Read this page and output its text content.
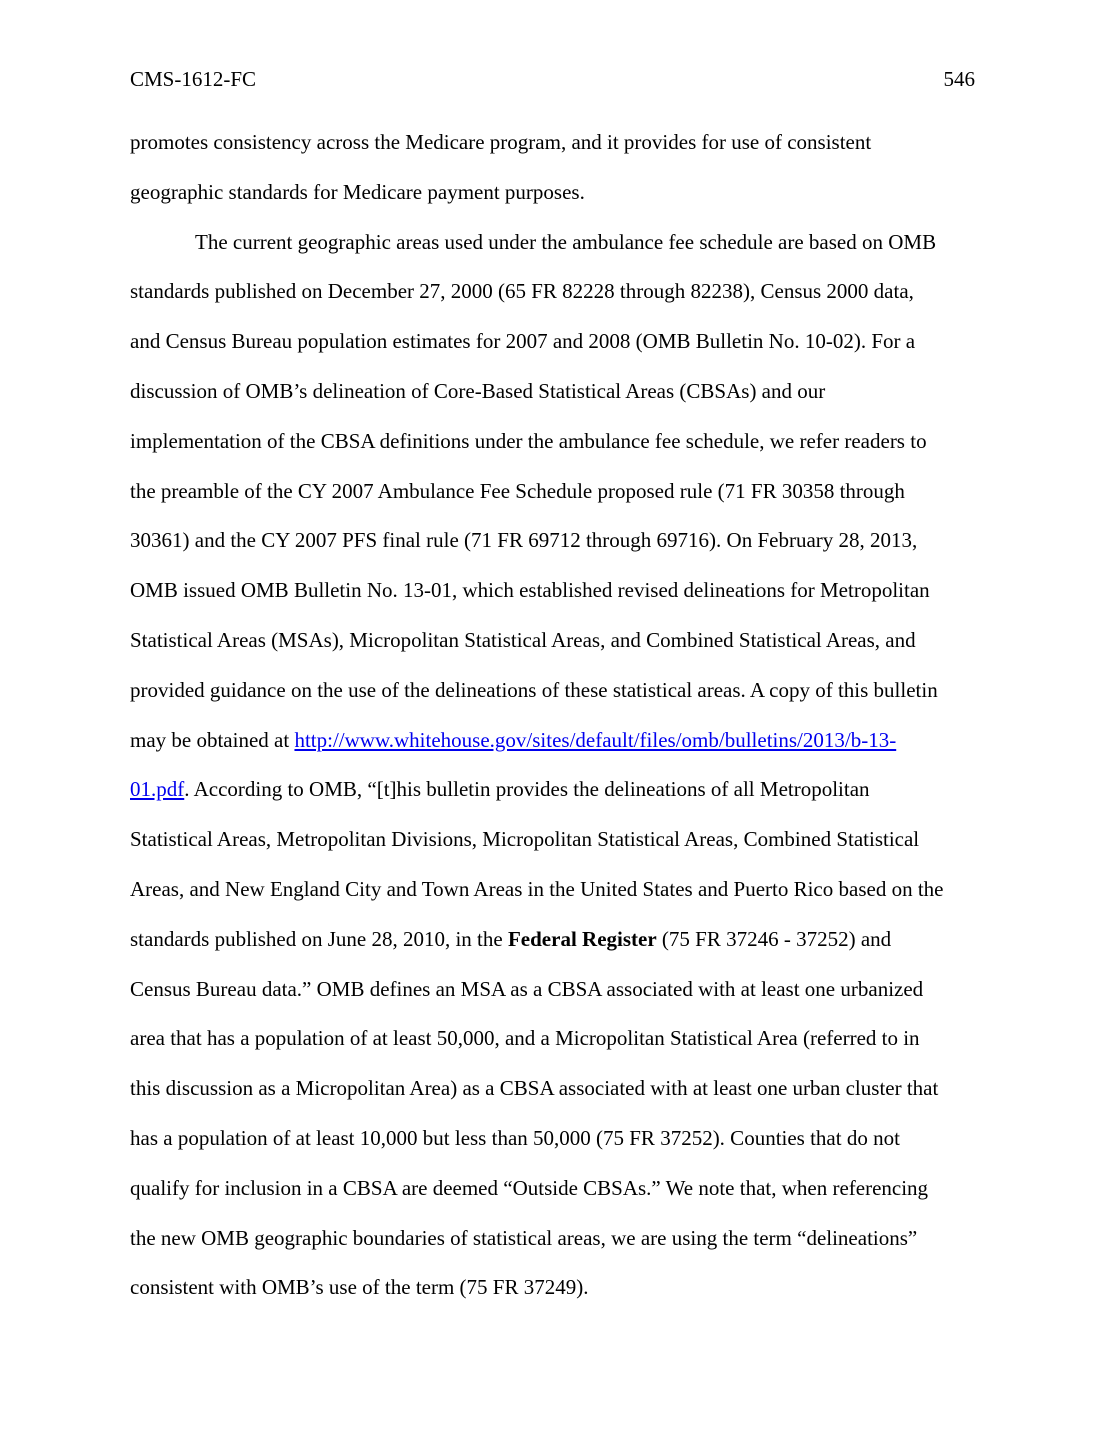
CMS-1612-FC	546
promotes consistency across the Medicare program, and it provides for use of consistent
geographic standards for Medicare payment purposes.
The current geographic areas used under the ambulance fee schedule are based on OMB
standards published on December 27, 2000 (65 FR 82228 through 82238), Census 2000 data,
and Census Bureau population estimates for 2007 and 2008 (OMB Bulletin No. 10-02). For a
discussion of OMB’s delineation of Core-Based Statistical Areas (CBSAs) and our
implementation of the CBSA definitions under the ambulance fee schedule, we refer readers to
the preamble of the CY 2007 Ambulance Fee Schedule proposed rule (71 FR 30358 through
30361) and the CY 2007 PFS final rule (71 FR 69712 through 69716). On February 28, 2013,
OMB issued OMB Bulletin No. 13-01, which established revised delineations for Metropolitan
Statistical Areas (MSAs), Micropolitan Statistical Areas, and Combined Statistical Areas, and
provided guidance on the use of the delineations of these statistical areas. A copy of this bulletin
may be obtained at http://www.whitehouse.gov/sites/default/files/omb/bulletins/2013/b-13-
01.pdf. According to OMB, “[t]his bulletin provides the delineations of all Metropolitan
Statistical Areas, Metropolitan Divisions, Micropolitan Statistical Areas, Combined Statistical
Areas, and New England City and Town Areas in the United States and Puerto Rico based on the
standards published on June 28, 2010, in the Federal Register (75 FR 37246 - 37252) and
Census Bureau data.” OMB defines an MSA as a CBSA associated with at least one urbanized
area that has a population of at least 50,000, and a Micropolitan Statistical Area (referred to in
this discussion as a Micropolitan Area) as a CBSA associated with at least one urban cluster that
has a population of at least 10,000 but less than 50,000 (75 FR 37252). Counties that do not
qualify for inclusion in a CBSA are deemed “Outside CBSAs.” We note that, when referencing
the new OMB geographic boundaries of statistical areas, we are using the term “delineations”
consistent with OMB’s use of the term (75 FR 37249).
